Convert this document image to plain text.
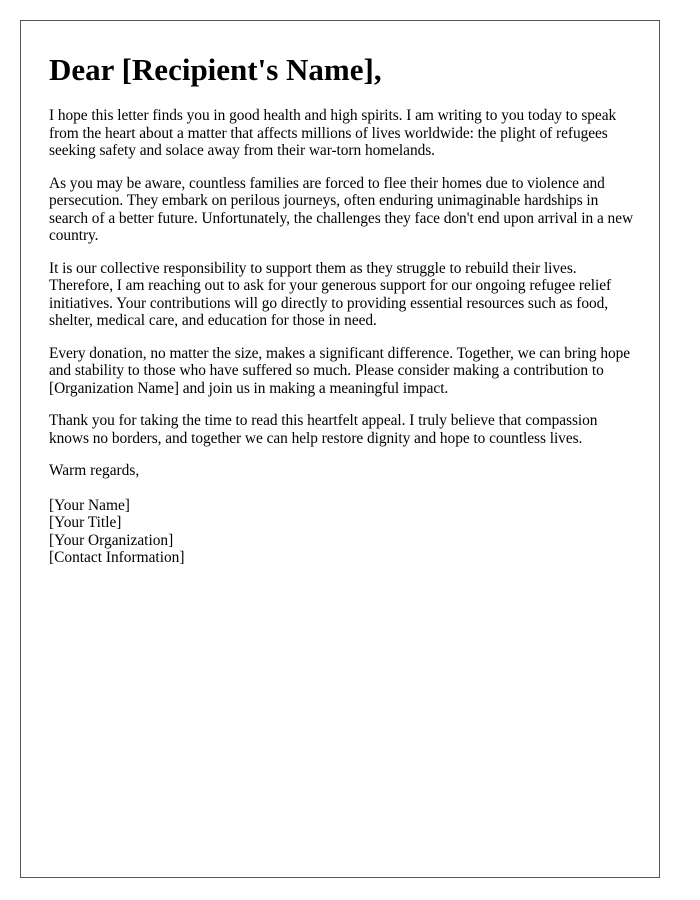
Dear [Recipient's Name],

I hope this letter finds you in good health and high spirits. I am writing to you today to speak from the heart about a matter that affects millions of lives worldwide: the plight of refugees seeking safety and solace away from their war-torn homelands.

As you may be aware, countless families are forced to flee their homes due to violence and persecution. They embark on perilous journeys, often enduring unimaginable hardships in search of a better future. Unfortunately, the challenges they face don't end upon arrival in a new country.

It is our collective responsibility to support them as they struggle to rebuild their lives. Therefore, I am reaching out to ask for your generous support for our ongoing refugee relief initiatives. Your contributions will go directly to providing essential resources such as food, shelter, medical care, and education for those in need.

Every donation, no matter the size, makes a significant difference. Together, we can bring hope and stability to those who have suffered so much. Please consider making a contribution to [Organization Name] and join us in making a meaningful impact.

Thank you for taking the time to read this heartfelt appeal. I truly believe that compassion knows no borders, and together we can help restore dignity and hope to countless lives.

Warm regards,

[Your Name]

[Your Title]

[Your Organization]

[Contact Information]
